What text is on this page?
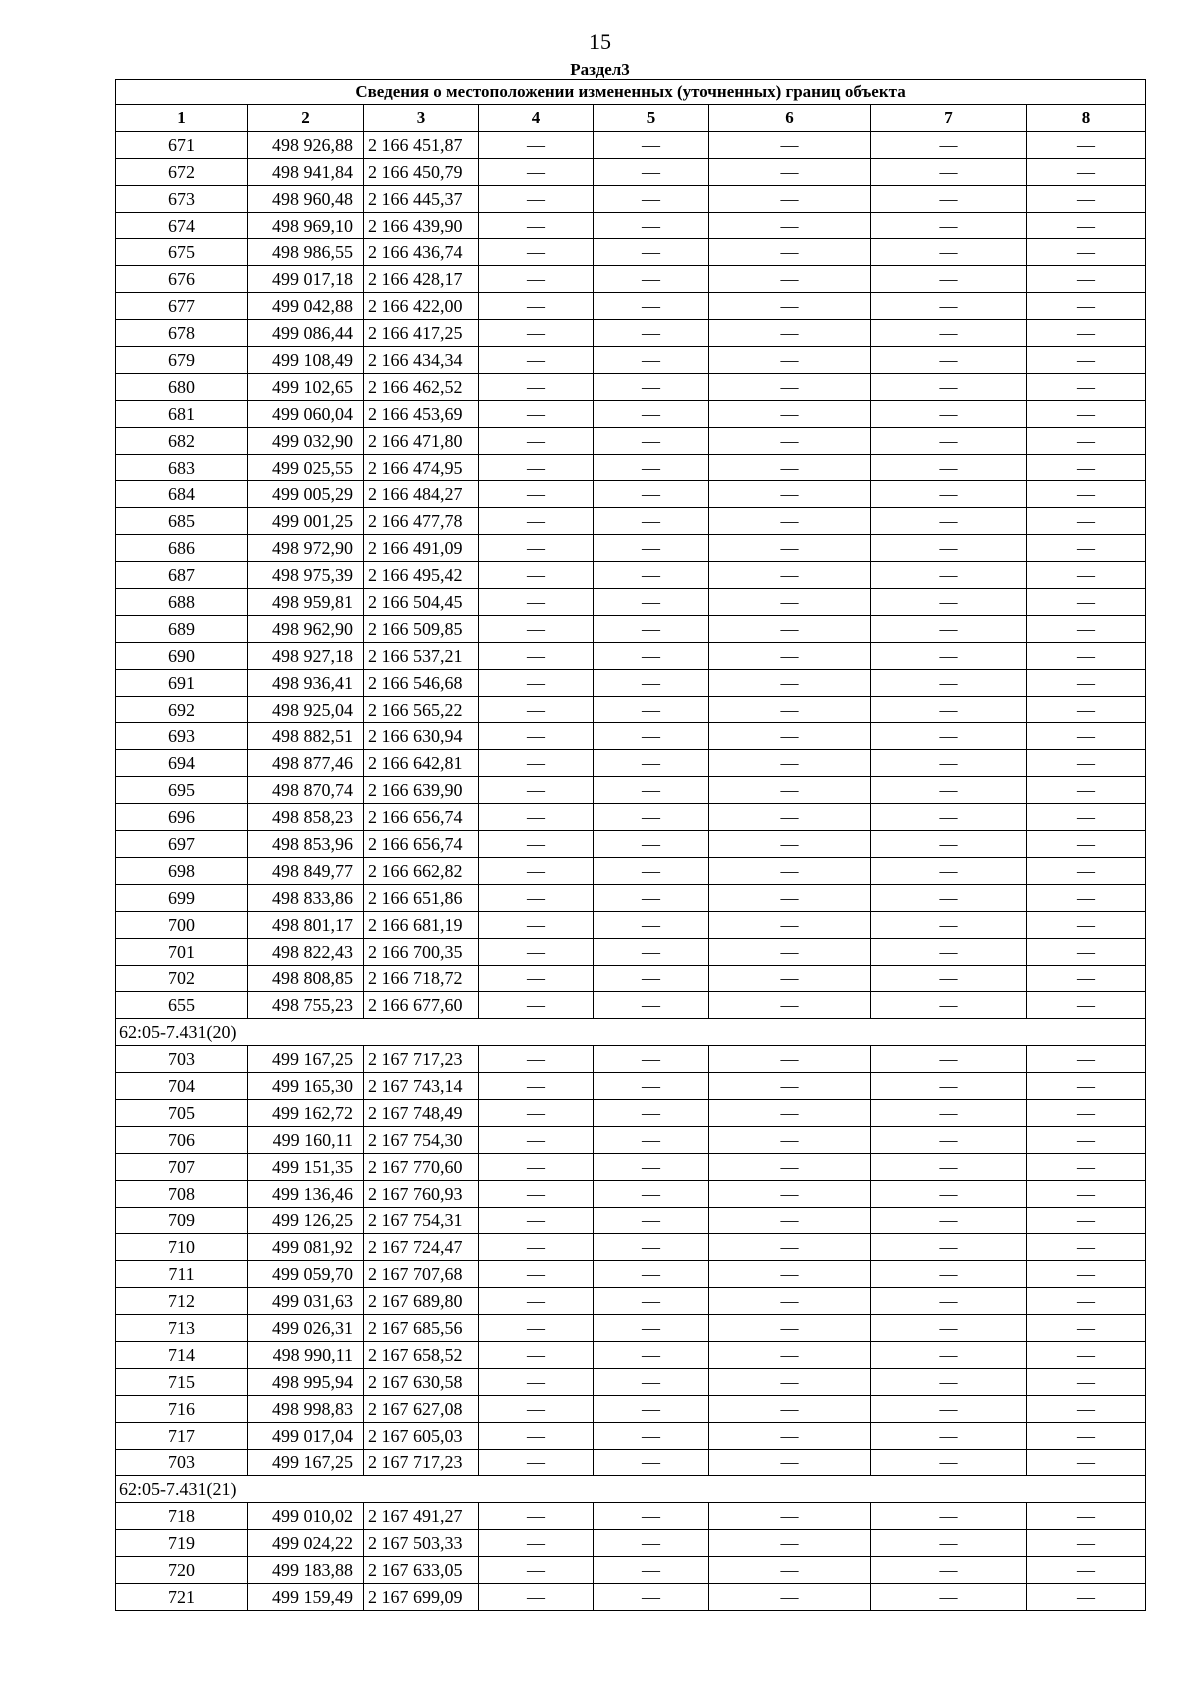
15
Раздел3
Сведения о местоположении измененных (уточненных) границ объекта							
1	2	3	4	5	6	7	8
671	498 926,88	2 166 451,87	—	—	—	—	—
672	498 941,84	2 166 450,79	—	—	—	—	—
673	498 960,48	2 166 445,37	—	—	—	—	—
674	498 969,10	2 166 439,90	—	—	—	—	—
675	498 986,55	2 166 436,74	—	—	—	—	—
676	499 017,18	2 166 428,17	—	—	—	—	—
677	499 042,88	2 166 422,00	—	—	—	—	—
678	499 086,44	2 166 417,25	—	—	—	—	—
679	499 108,49	2 166 434,34	—	—	—	—	—
680	499 102,65	2 166 462,52	—	—	—	—	—
681	499 060,04	2 166 453,69	—	—	—	—	—
682	499 032,90	2 166 471,80	—	—	—	—	—
683	499 025,55	2 166 474,95	—	—	—	—	—
684	499 005,29	2 166 484,27	—	—	—	—	—
685	499 001,25	2 166 477,78	—	—	—	—	—
686	498 972,90	2 166 491,09	—	—	—	—	—
687	498 975,39	2 166 495,42	—	—	—	—	—
688	498 959,81	2 166 504,45	—	—	—	—	—
689	498 962,90	2 166 509,85	—	—	—	—	—
690	498 927,18	2 166 537,21	—	—	—	—	—
691	498 936,41	2 166 546,68	—	—	—	—	—
692	498 925,04	2 166 565,22	—	—	—	—	—
693	498 882,51	2 166 630,94	—	—	—	—	—
694	498 877,46	2 166 642,81	—	—	—	—	—
695	498 870,74	2 166 639,90	—	—	—	—	—
696	498 858,23	2 166 656,74	—	—	—	—	—
697	498 853,96	2 166 656,74	—	—	—	—	—
698	498 849,77	2 166 662,82	—	—	—	—	—
699	498 833,86	2 166 651,86	—	—	—	—	—
700	498 801,17	2 166 681,19	—	—	—	—	—
701	498 822,43	2 166 700,35	—	—	—	—	—
702	498 808,85	2 166 718,72	—	—	—	—	—
655	498 755,23	2 166 677,60	—	—	—	—	—
62:05-7.431(20)							
703	499 167,25	2 167 717,23	—	—	—	—	—
704	499 165,30	2 167 743,14	—	—	—	—	—
705	499 162,72	2 167 748,49	—	—	—	—	—
706	499 160,11	2 167 754,30	—	—	—	—	—
707	499 151,35	2 167 770,60	—	—	—	—	—
708	499 136,46	2 167 760,93	—	—	—	—	—
709	499 126,25	2 167 754,31	—	—	—	—	—
710	499 081,92	2 167 724,47	—	—	—	—	—
711	499 059,70	2 167 707,68	—	—	—	—	—
712	499 031,63	2 167 689,80	—	—	—	—	—
713	499 026,31	2 167 685,56	—	—	—	—	—
714	498 990,11	2 167 658,52	—	—	—	—	—
715	498 995,94	2 167 630,58	—	—	—	—	—
716	498 998,83	2 167 627,08	—	—	—	—	—
717	499 017,04	2 167 605,03	—	—	—	—	—
703	499 167,25	2 167 717,23	—	—	—	—	—
62:05-7.431(21)							
718	499 010,02	2 167 491,27	—	—	—	—	—
719	499 024,22	2 167 503,33	—	—	—	—	—
720	499 183,88	2 167 633,05	—	—	—	—	—
721	499 159,49	2 167 699,09	—	—	—	—	—
